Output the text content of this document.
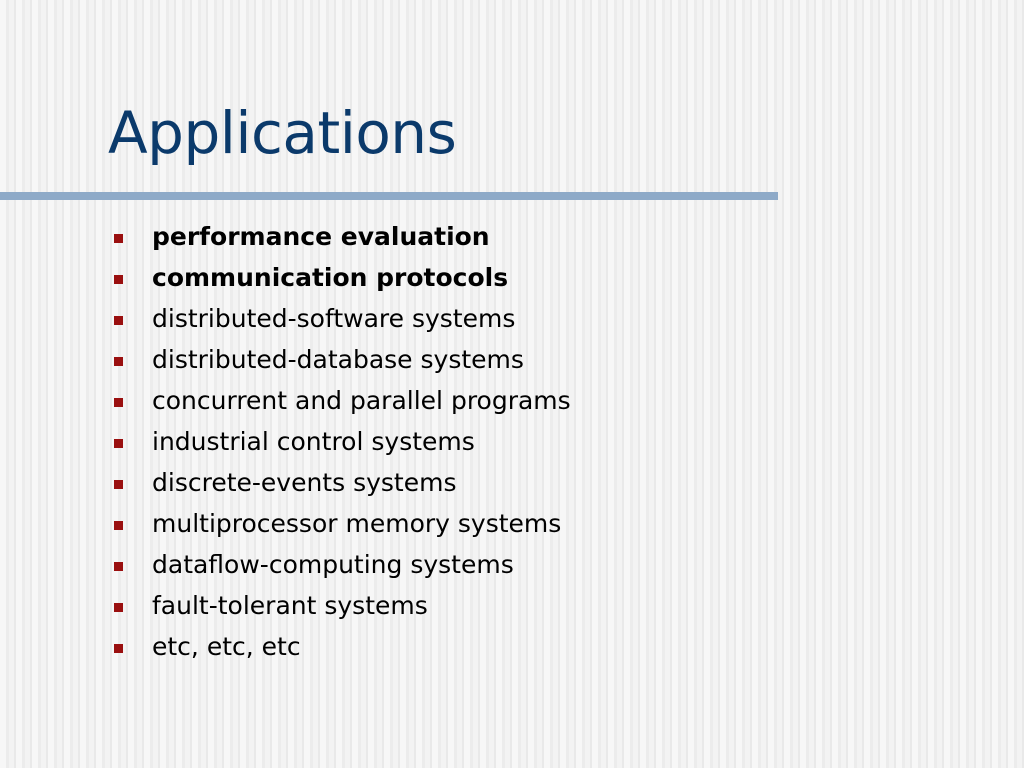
Applications
performance evaluation
communication protocols
distributed-software systems
distributed-database systems
concurrent and parallel programs
industrial control systems
discrete-events systems
multiprocessor memory systems
dataflow-computing systems
fault-tolerant systems
etc, etc, etc
